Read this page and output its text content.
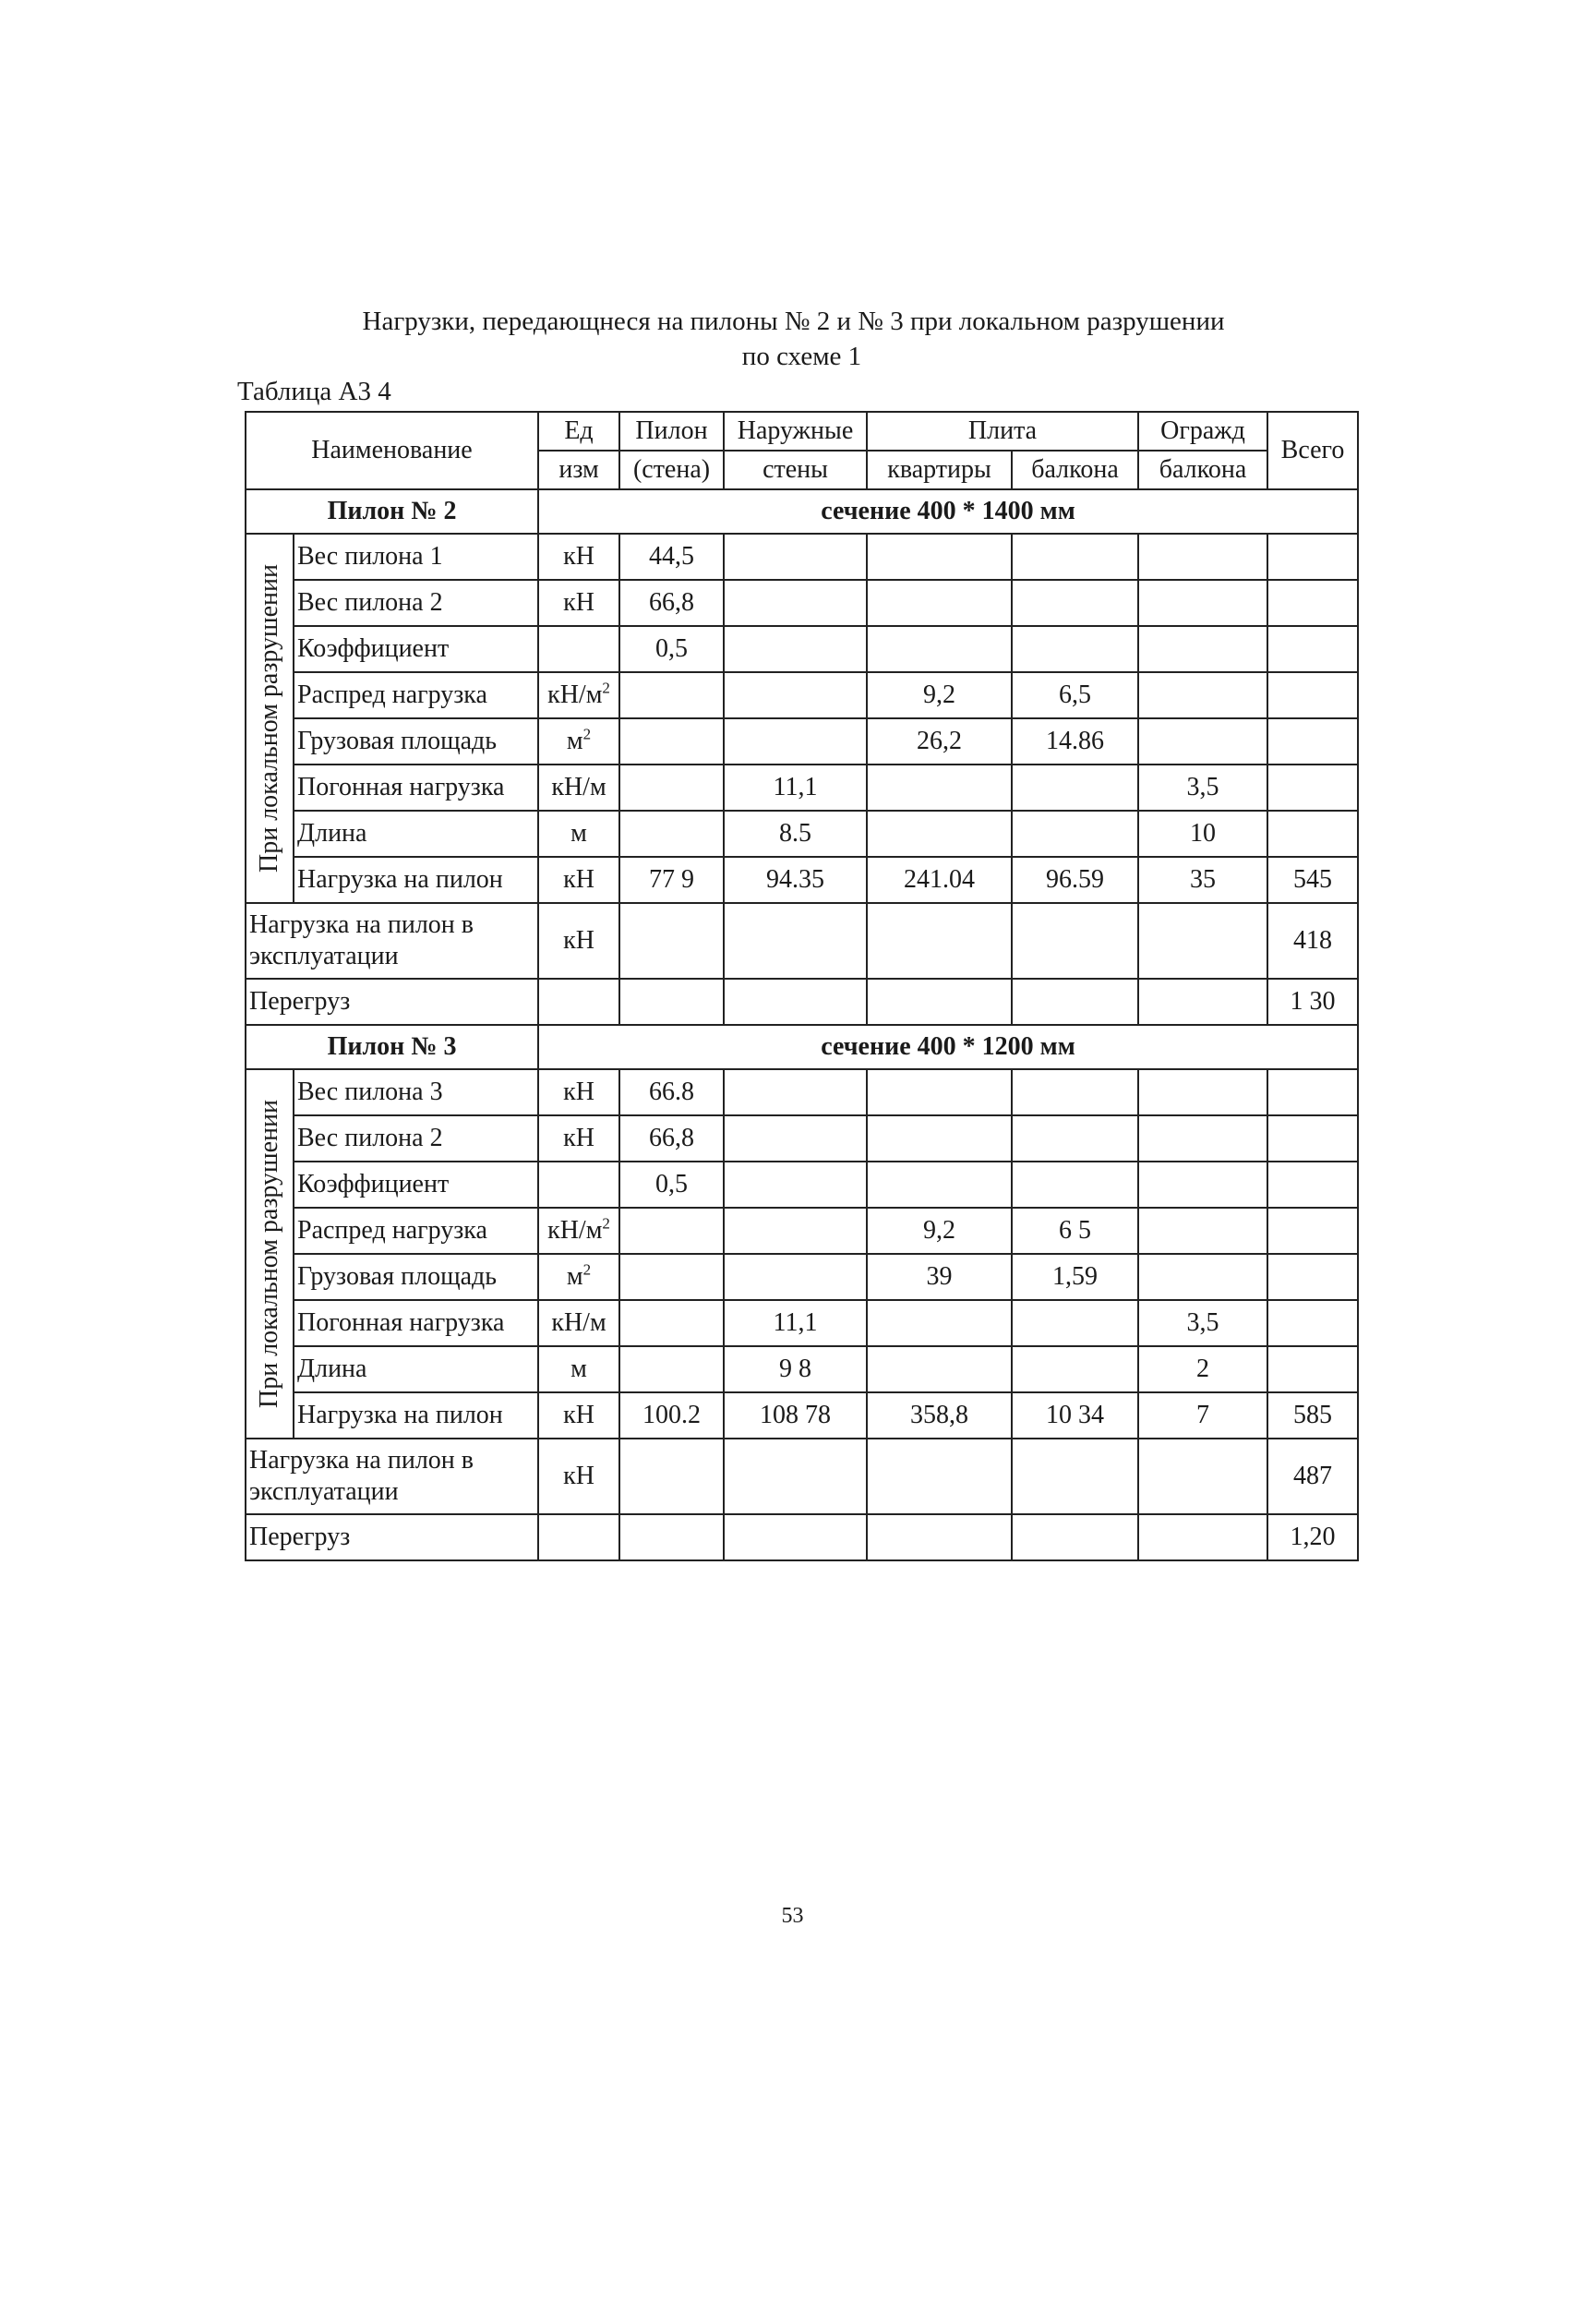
Нагрузки, передающнеся на пилоны № 2 и № 3 при локальном разрушении
по схеме 1
Таблица А3 4
Наименование		Ед	Пилон	Наружные	Плита		Огражд	Всего
		изм	(стена)	стены	квартиры	балкона	балкона	
Пилон № 2		сечение 400 * 1400 мм						

При локальном разрушении	Вес пилона 1	кН	44,5					
	Вес пилона 2	кН	66,8					
	Коэффициент		0,5					
	Распред нагрузка	$кН/м^2$			9,2	6,5		
	Грузовая площадь	$м^2$			26,2	14.86		
	Погонная нагрузка	кН/м		11,1			3,5	
	Длина	м		8.5			10	
	Нагрузка на пилон	кН	77 9	94.35	241.04	96.59	35	545

Нагрузка на пилон в
эксплуатации		кН						418
Перегруз								1 30
Пилон № 3		сечение 400 * 1200 мм						

При локальном разрушении	Вес пилона 3	кН	66.8					
	Вес пилона 2	кН	66,8					
	Коэффициент		0,5					
	Распред нагрузка	$кН/м^2$			9,2	6 5		
	Грузовая площадь	$м^2$			39	1,59		
	Погонная нагрузка	кН/м		11,1			3,5	
	Длина	м		9 8			2	
	Нагрузка на пилон	кН	100.2	108 78	358,8	10 34	7	585

Нагрузка на пилон в
эксплуатации		кН						487
Перегруз								1,20
53
